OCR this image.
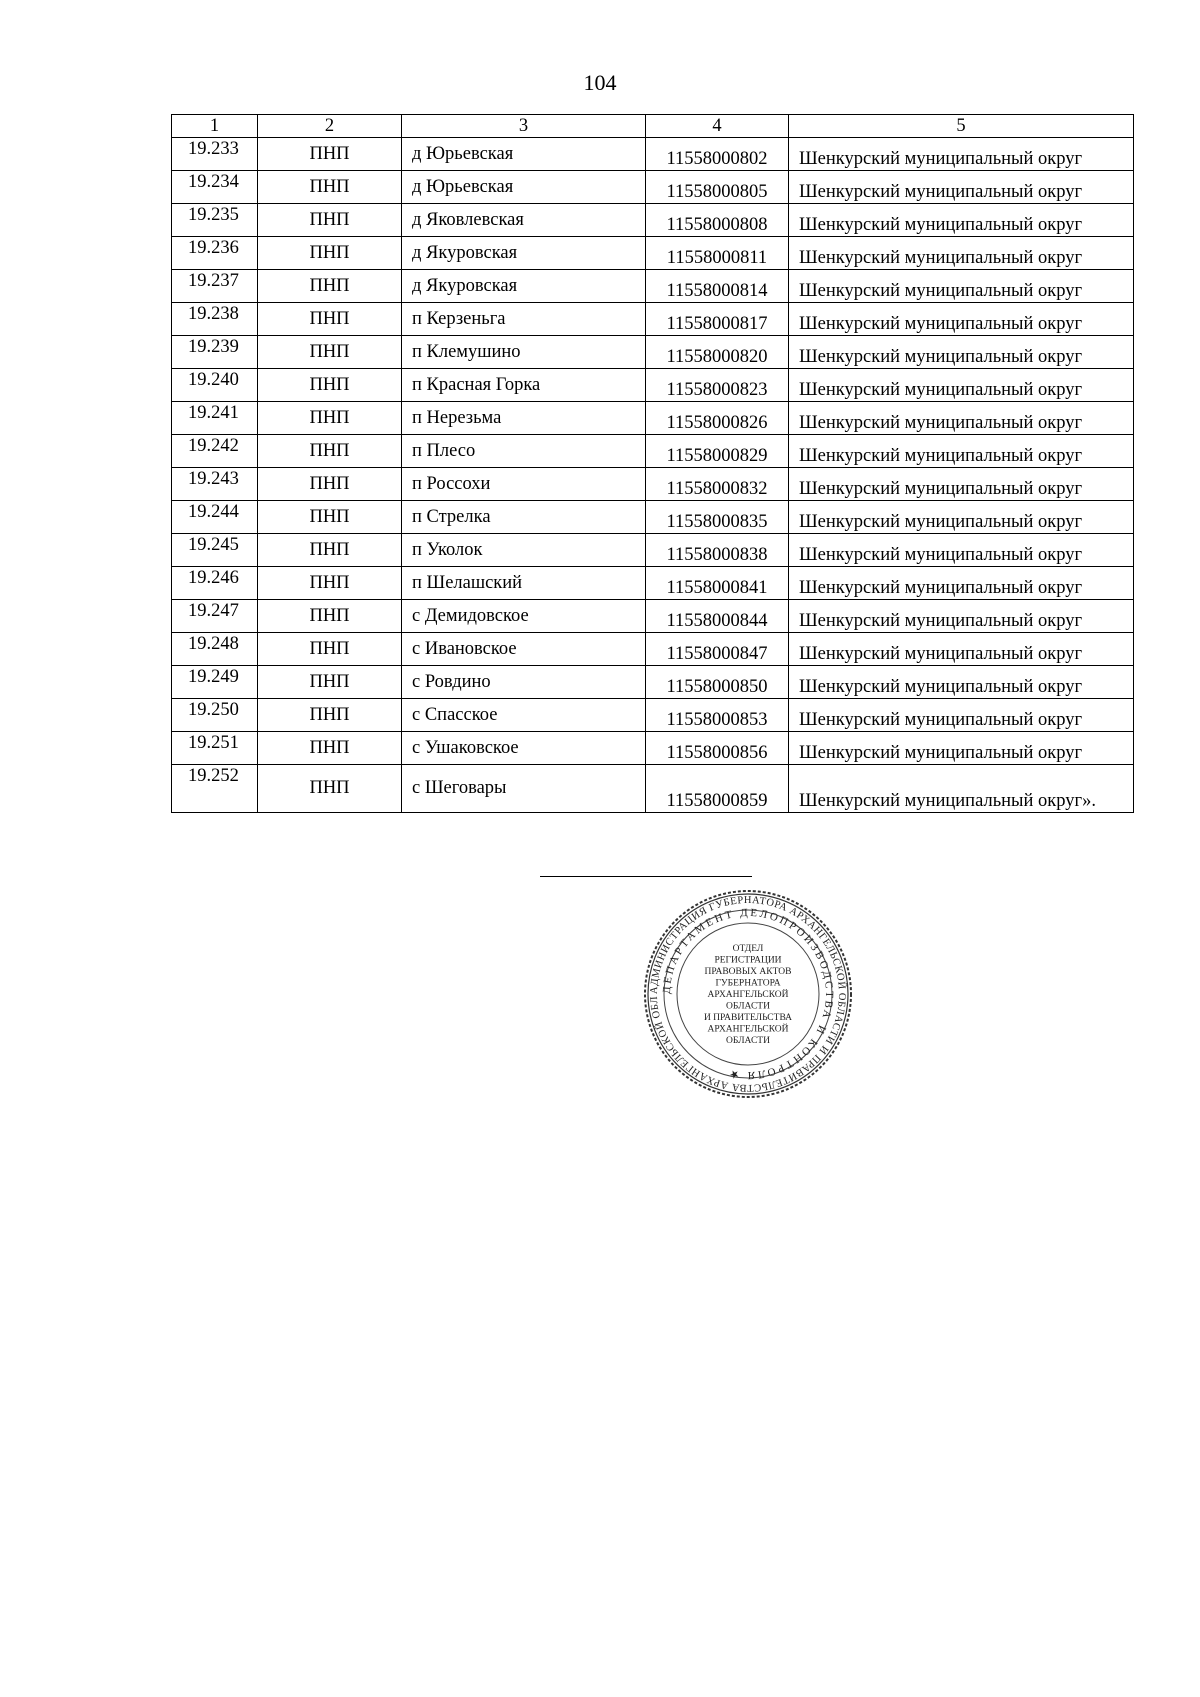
104
1	2	3	4	5
19.233	ПНП	д Юрьевская	11558000802	Шенкурский муниципальный округ
19.234	ПНП	д Юрьевская	11558000805	Шенкурский муниципальный округ
19.235	ПНП	д Яковлевская	11558000808	Шенкурский муниципальный округ
19.236	ПНП	д Якуровская	11558000811	Шенкурский муниципальный округ
19.237	ПНП	д Якуровская	11558000814	Шенкурский муниципальный округ
19.238	ПНП	п Керзеньга	11558000817	Шенкурский муниципальный округ
19.239	ПНП	п Клемушино	11558000820	Шенкурский муниципальный округ
19.240	ПНП	п Красная Горка	11558000823	Шенкурский муниципальный округ
19.241	ПНП	п Нерезьма	11558000826	Шенкурский муниципальный округ
19.242	ПНП	п Плесо	11558000829	Шенкурский муниципальный округ
19.243	ПНП	п Россохи	11558000832	Шенкурский муниципальный округ
19.244	ПНП	п Стрелка	11558000835	Шенкурский муниципальный округ
19.245	ПНП	п Уколок	11558000838	Шенкурский муниципальный округ
19.246	ПНП	п Шелашский	11558000841	Шенкурский муниципальный округ
19.247	ПНП	с Демидовское	11558000844	Шенкурский муниципальный округ
19.248	ПНП	с Ивановское	11558000847	Шенкурский муниципальный округ
19.249	ПНП	с Ровдино	11558000850	Шенкурский муниципальный округ
19.250	ПНП	с Спасское	11558000853	Шенкурский муниципальный округ
19.251	ПНП	с Ушаковское	11558000856	Шенкурский муниципальный округ
19.252	ПНП	с Шеговары	11558000859	Шенкурский муниципальный округ».
АДМИНИСТРАЦИЯ ГУБЕРНАТОРА АРХАНГЕЛЬСКОЙ ОБЛАСТИ И ПРАВИТЕЛЬСТВА АРХАНГЕЛЬСКОЙ ОБЛ
ДЕПАРТАМЕНТ ДЕЛОПРОИЗВОДСТВА И КОНТРОЛЯ ★
ОТДЕЛ
РЕГИСТРАЦИИ
ПРАВОВЫХ АКТОВ
ГУБЕРНАТОРА
АРХАНГЕЛЬСКОЙ
ОБЛАСТИ
И ПРАВИТЕЛЬСТВА
АРХАНГЕЛЬСКОЙ
ОБЛАСТИ
